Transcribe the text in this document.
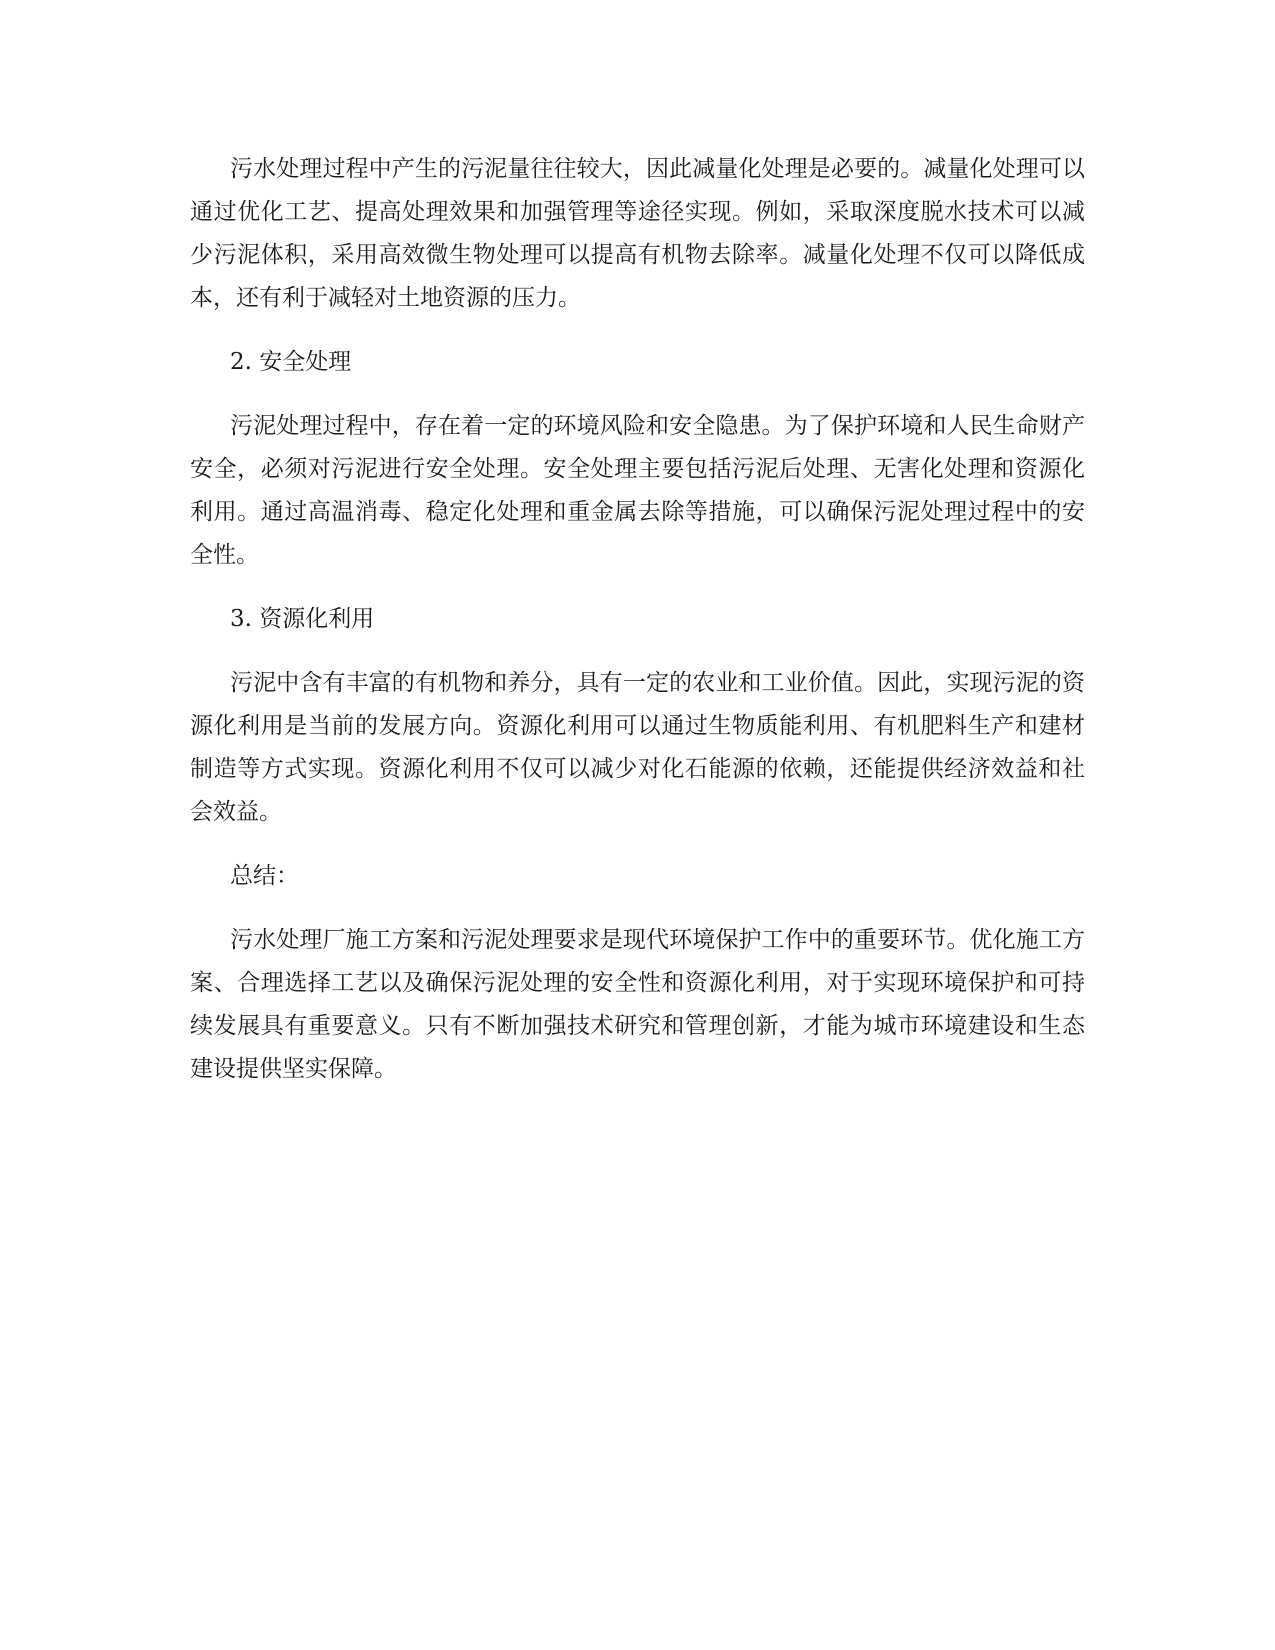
污水处理过程中产生的污泥量往往较大，因此减量化处理是必要的。减量化处理可以通过优化工艺、提高处理效果和加强管理等途径实现。例如，采取深度脱水技术可以减少污泥体积，采用高效微生物处理可以提高有机物去除率。减量化处理不仅可以降低成本，还有利于减轻对土地资源的压力。

2. 安全处理

污泥处理过程中，存在着一定的环境风险和安全隐患。为了保护环境和人民生命财产安全，必须对污泥进行安全处理。安全处理主要包括污泥后处理、无害化处理和资源化利用。通过高温消毒、稳定化处理和重金属去除等措施，可以确保污泥处理过程中的安全性。

3. 资源化利用

污泥中含有丰富的有机物和养分，具有一定的农业和工业价值。因此，实现污泥的资源化利用是当前的发展方向。资源化利用可以通过生物质能利用、有机肥料生产和建材制造等方式实现。资源化利用不仅可以减少对化石能源的依赖，还能提供经济效益和社会效益。

总结：

污水处理厂施工方案和污泥处理要求是现代环境保护工作中的重要环节。优化施工方案、合理选择工艺以及确保污泥处理的安全性和资源化利用，对于实现环境保护和可持续发展具有重要意义。只有不断加强技术研究和管理创新，才能为城市环境建设和生态建设提供坚实保障。
